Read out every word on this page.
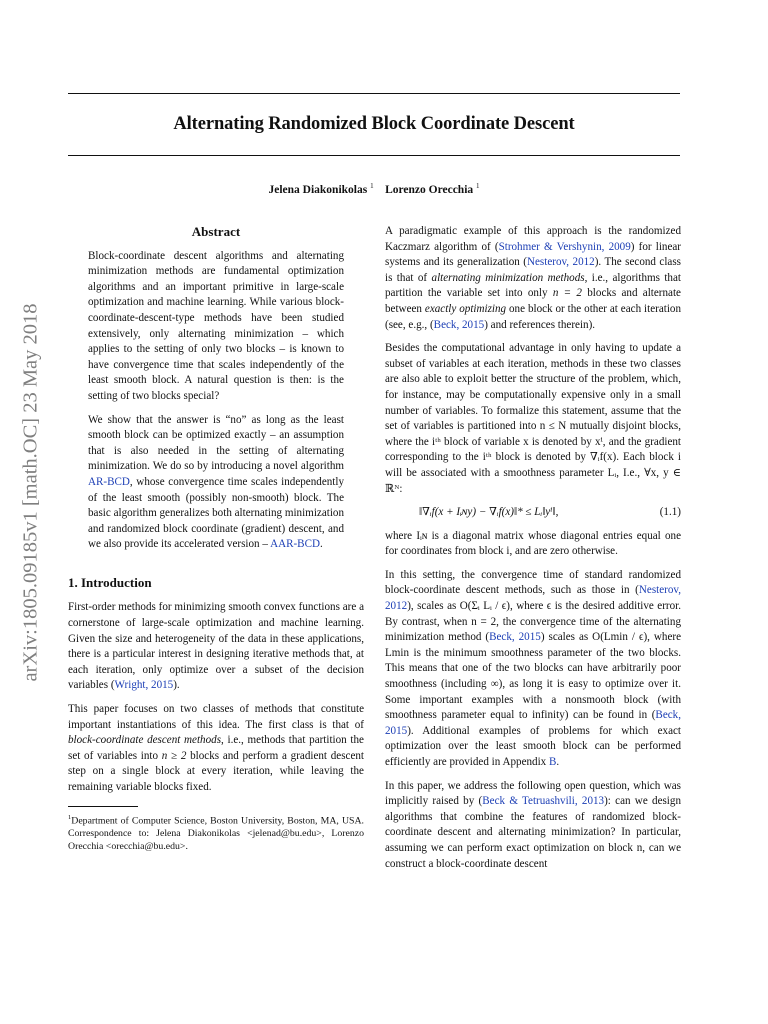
Alternating Randomized Block Coordinate Descent
Jelena Diakonikolas $^1$ Lorenzo Orecchia $^1$
arXiv:1805.09185v1 [math.OC] 23 May 2018
Abstract

Block-coordinate descent algorithms and alternating minimization methods are fundamental optimization algorithms and an important primitive in large-scale optimization and machine learning. While various block-coordinate-descent-type methods have been studied extensively, only alternating minimization – which applies to the setting of only two blocks – is known to have convergence time that scales independently of the least smooth block. A natural question is then: is the setting of two blocks special?

We show that the answer is “no” as long as the least smooth block can be optimized exactly – an assumption that is also needed in the setting of alternating minimization. We do so by introducing a novel algorithm AR-BCD, whose convergence time scales independently of the least smooth (possibly non-smooth) block. The basic algorithm generalizes both alternating minimization and randomized block coordinate (gradient) descent, and we also provide its accelerated version – AAR-BCD.

1. Introduction

First-order methods for minimizing smooth convex functions are a cornerstone of large-scale optimization and machine learning. Given the size and heterogeneity of the data in these applications, there is a particular interest in designing iterative methods that, at each iteration, only optimize over a subset of the decision variables (Wright, 2015).

This paper focuses on two classes of methods that constitute important instantiations of this idea. The first class is that of block-coordinate descent methods, i.e., methods that partition the set of variables into n ≥ 2 blocks and perform a gradient descent step on a single block at every iteration, while leaving the remaining variable blocks fixed.

$^1$Department of Computer Science, Boston University, Boston, MA, USA. Correspondence to: Jelena Diakonikolas <jelenad@bu.edu>, Lorenzo Orecchia <orecchia@bu.edu>.

A paradigmatic example of this approach is the randomized Kaczmarz algorithm of (Strohmer & Vershynin, 2009) for linear systems and its generalization (Nesterov, 2012). The second class is that of alternating minimization methods, i.e., algorithms that partition the variable set into only n = 2 blocks and alternate between exactly optimizing one block or the other at each iteration (see, e.g., (Beck, 2015) and references therein).

Besides the computational advantage in only having to update a subset of variables at each iteration, methods in these two classes are also able to exploit better the structure of the problem, which, for instance, may be computationally expensive only in a small number of variables. To formalize this statement, assume that the set of variables is partitioned into n ≤ N mutually disjoint blocks, where the iᵗʰ block of variable x is denoted by xⁱ, and the gradient corresponding to the iᵗʰ block is denoted by ∇ᵢf(x). Each block i will be associated with a smoothness parameter Lᵢ, I.e., ∀x, y ∈ ℝᴺ:

‖∇ᵢf(x + Iᵢɴy) − ∇ᵢf(x)‖* ≤ Lᵢ‖yⁱ‖,	(1.1)

where Iᵢɴ is a diagonal matrix whose diagonal entries equal one for coordinates from block i, and are zero otherwise.

In this setting, the convergence time of standard randomized block-coordinate descent methods, such as those in (Nesterov, 2012), scales as O(Σᵢ Lᵢ / ϵ), where ϵ is the desired additive error. By contrast, when n = 2, the convergence time of the alternating minimization method (Beck, 2015) scales as O(Lmin / ϵ), where Lmin is the minimum smoothness parameter of the two blocks. This means that one of the two blocks can have arbitrarily poor smoothness (including ∞), as long it is easy to optimize over it. Some important examples with a nonsmooth block (with smoothness parameter equal to infinity) can be found in (Beck, 2015). Additional examples of problems for which exact optimization over the least smooth block can be performed efficiently are provided in Appendix B.

In this paper, we address the following open question, which was implicitly raised by (Beck & Tetruashvili, 2013): can we design algorithms that combine the features of randomized block-coordinate descent and alternating minimization? In particular, assuming we can perform exact optimization on block n, can we construct a block-coordinate descent
